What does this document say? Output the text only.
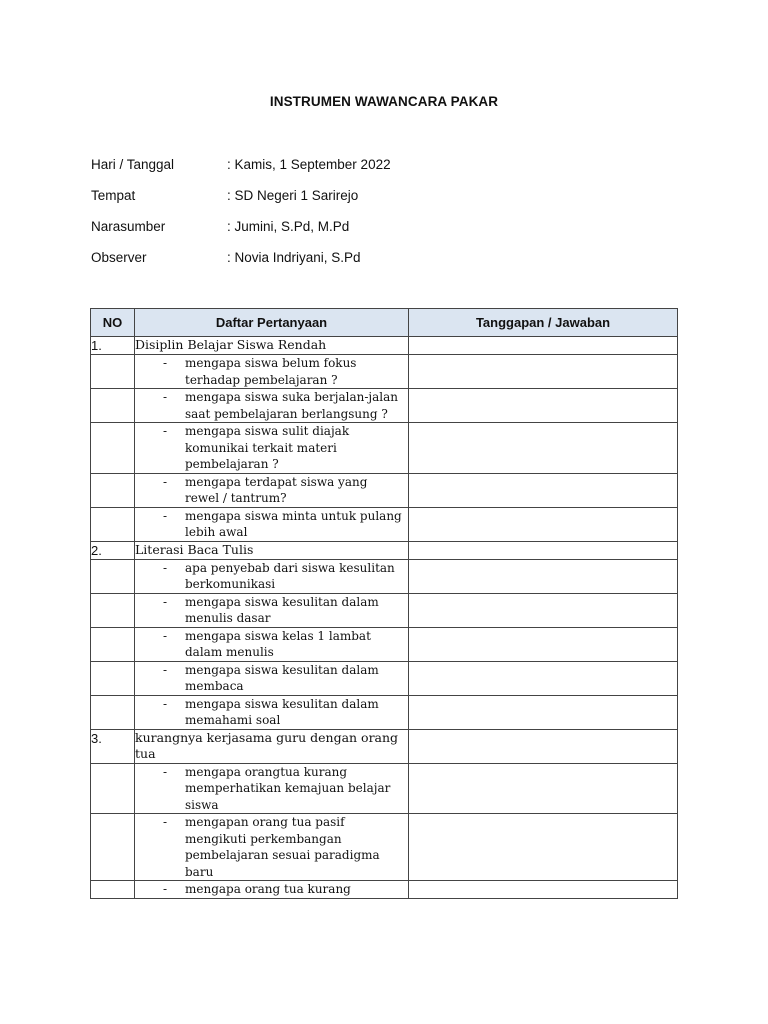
INSTRUMEN WAWANCARA PAKAR
Hari / Tanggal	: Kamis, 1 September 2022
Tempat	: SD Negeri 1 Sarirejo
Narasumber	: Jumini, S.Pd, M.Pd
Observer	: Novia Indriyani, S.Pd
NO	Daftar Pertanyaan	Tanggapan / Jawaban
1.	Disiplin Belajar Siswa Rendah	

	- mengapa siswa belum fokus terhadap pembelajaran ?	

	- mengapa siswa suka berjalan-jalan saat pembelajaran berlangsung ?	

	- mengapa siswa sulit diajak komunikai terkait materi pembelajaran ?	

	- mengapa terdapat siswa yang rewel / tantrum?	

	- mengapa siswa minta untuk pulang lebih awal	

2.	Literasi Baca Tulis	

	- apa penyebab dari siswa kesulitan berkomunikasi	

	- mengapa siswa kesulitan dalam menulis dasar	

	- mengapa siswa kelas 1 lambat dalam menulis	

	- mengapa siswa kesulitan dalam membaca	

	- mengapa siswa kesulitan dalam memahami soal	

3.	kurangnya kerjasama guru dengan orang tua	

	- mengapa orangtua kurang memperhatikan kemajuan belajar siswa	

	- mengapan orang tua pasif mengikuti perkembangan pembelajaran sesuai paradigma baru	

	- mengapa orang tua kurang	
